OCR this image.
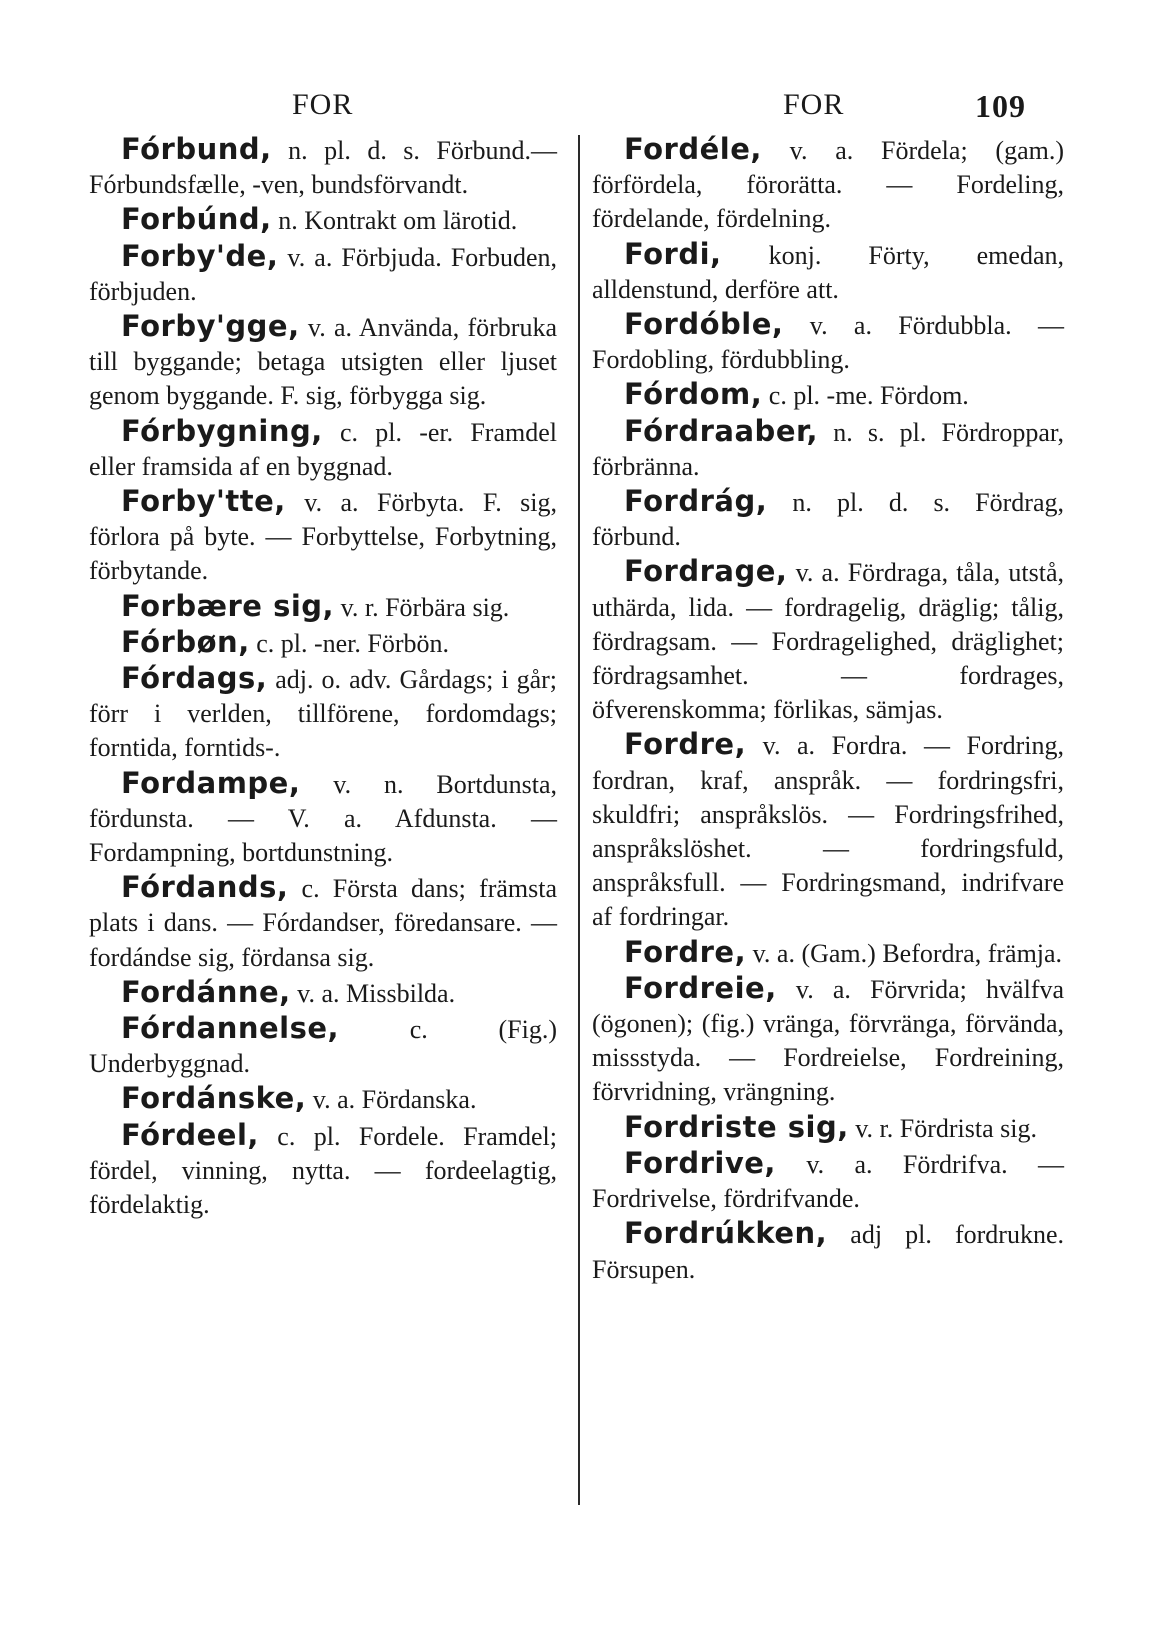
FOR	FOR	109

Fórbund, n. pl. d. s. Förbund.— Fórbundsfælle, -ven, bundsförvandt.

Forbúnd, n. Kontrakt om lärotid.

Forby'de, v. a. Förbjuda. Forbuden, förbjuden.

Forby'gge, v. a. Använda, förbruka till byggande; betaga utsigten eller ljuset genom byggande. F. sig, förbygga sig.

Fórbygning, c. pl. -er. Framdel eller framsida af en byggnad.

Forby'tte, v. a. Förbyta. F. sig, förlora på byte. — Forbyttelse, Forbytning, förbytande.

Forbære sig, v. r. Förbära sig.

Fórbøn, c. pl. -ner. Förbön.

Fórdags, adj. o. adv. Gårdags; i går; förr i verlden, tillförene, fordomdags; forntida, forntids-.

Fordampe, v. n. Bortdunsta, fördunsta. — V. a. Afdunsta. — Fordampning, bortdunstning.

Fórdands, c. Första dans; främsta plats i dans. — Fórdandser, föredansare. — fordándse sig, fördansa sig.

Fordánne, v. a. Missbilda.

Fórdannelse, c. (Fig.) Underbyggnad.

Fordánske, v. a. Fördanska.

Fórdeel, c. pl. Fordele. Framdel; fördel, vinning, nytta. — fordeelagtig, fördelaktig.

Fordéle, v. a. Fördela; (gam.) förfördela, förorätta. — Fordeling, fördelande, fördelning.

Fordi, konj. Förty, emedan, alldenstund, derföre att.

Fordóble, v. a. Fördubbla. — Fordobling, fördubbling.

Fórdom, c. pl. -me. Fördom.

Fórdraaber, n. s. pl. Fördroppar, förbränna.

Fordrág, n. pl. d. s. Fördrag, förbund.

Fordrage, v. a. Fördraga, tåla, utstå, uthärda, lida. — fordragelig, dräglig; tålig, fördragsam. — Fordragelighed, dräglighet; fördragsamhet. — fordrages, öfverenskomma; förlikas, sämjas.

Fordre, v. a. Fordra. — Fordring, fordran, kraf, anspråk. — fordringsfri, skuldfri; anspråkslös. — Fordringsfrihed, anspråkslöshet. — fordringsfuld, anspråksfull. — Fordringsmand, indrifvare af fordringar.

Fordre, v. a. (Gam.) Befordra, främja.

Fordreie, v. a. Förvrida; hvälfva (ögonen); (fig.) vränga, förvränga, förvända, missstyda. — Fordreielse, Fordreining, förvridning, vrängning.

Fordriste sig, v. r. Fördrista sig.

Fordrive, v. a. Fördrifva. — Fordrivelse, fördrifvande.

Fordrúkken, adj pl. fordrukne. Försupen.
